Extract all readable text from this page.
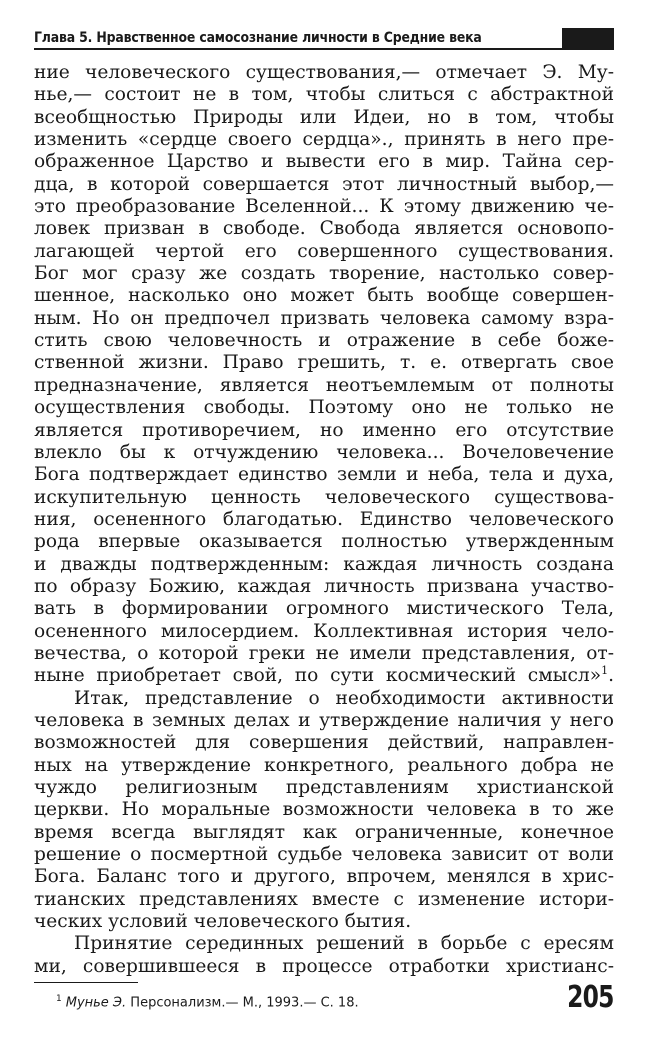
Глава 5. Нравственное самосознание личности в Средние века
ние человеческого существования,— отмечает Э. Му-
нье,— состоит не в том, чтобы слиться с абстрактной
всеобщностью Природы или Идеи, но в том, чтобы
изменить «сердце своего сердца»., принять в него пре-
ображенное Царство и вывести его в мир. Тайна сер-
дца, в которой совершается этот личностный выбор,—
это преобразование Вселенной... К этому движению че-
ловек призван в свободе. Свобода является основопо-
лагающей чертой его совершенного существования.
Бог мог сразу же создать творение, настолько совер-
шенное, насколько оно может быть вообще совершен-
ным. Но он предпочел призвать человека самому взра-
стить свою человечность и отражение в себе боже-
ственной жизни. Право грешить, т. е. отвергать свое
предназначение, является неотъемлемым от полноты
осуществления свободы. Поэтому оно не только не
является противоречием, но именно его отсутствие
влекло бы к отчуждению человека... Вочеловечение
Бога подтверждает единство земли и неба, тела и духа,
искупительную ценность человеческого существова-
ния, осененного благодатью. Единство человеческого
рода впервые оказывается полностью утвержденным
и дважды подтвержденным: каждая личность создана
по образу Божию, каждая личность призвана участво-
вать в формировании огромного мистического Тела,
осененного милосердием. Коллективная история чело-
вечества, о которой греки не имели представления, от-
ныне приобретает свой, по сути космический смысл»$^1$.
Итак, представление о необходимости активности
человека в земных делах и утверждение наличия у него
возможностей для совершения действий, направлен-
ных на утверждение конкретного, реального добра не
чуждо религиозным представлениям христианской
церкви. Но моральные возможности человека в то же
время всегда выглядят как ограниченные, конечное
решение о посмертной судьбе человека зависит от воли
Бога. Баланс того и другого, впрочем, менялся в хрис-
тианских представлениях вместе с изменение истори-
ческих условий человеческого бытия.
Принятие серединных решений в борьбе с ересям
ми, совершившееся в процессе отработки христианс-
$^1$ Мунье Э. Персонализм.— М., 1993.— С. 18.	205
